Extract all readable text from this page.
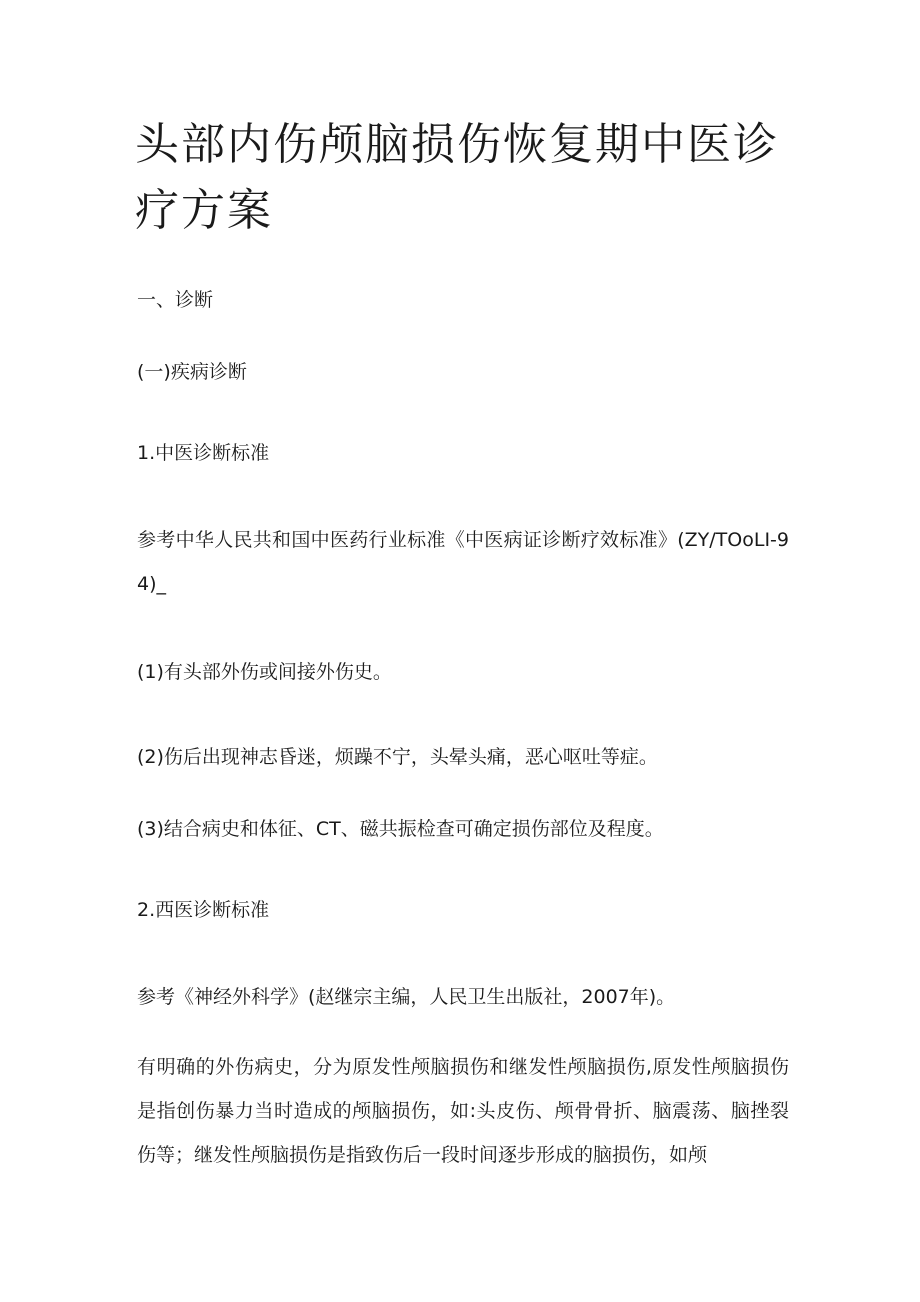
头部内伤颅脑损伤恢复期中医诊疗方案

一、诊断

(一)疾病诊断

1.中医诊断标准

参考中华人民共和国中医药行业标准《中医病证诊断疗效标准》(ZY/TOoLI-94)_

(1)有头部外伤或间接外伤史。

(2)伤后出现神志昏迷，烦躁不宁，头晕头痛，恶心呕吐等症。

(3)结合病史和体征、CT、磁共振检查可确定损伤部位及程度。

2.西医诊断标准

参考《神经外科学》(赵继宗主编，人民卫生出版社，2007年)。

有明确的外伤病史，分为原发性颅脑损伤和继发性颅脑损伤,原发性颅脑损伤是指创伤暴力当时造成的颅脑损伤，如:头皮伤、颅骨骨折、脑震荡、脑挫裂伤等；继发性颅脑损伤是指致伤后一段时间逐步形成的脑损伤，如颅
